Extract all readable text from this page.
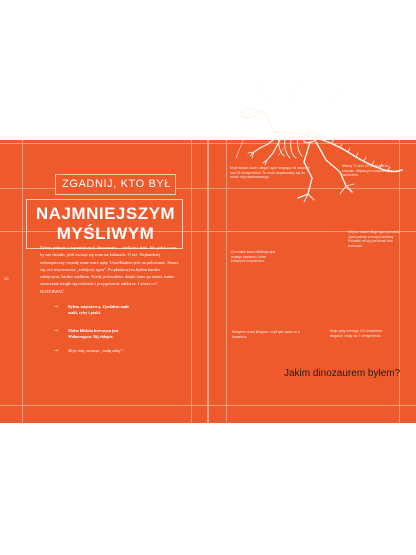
20
ZGADNIJ, KTO BYŁ
NAJMNIEJSZYM
MYŚLIWYM

Byłem jednym z najmniejszych dinozaurów – wielkości kota. Ale jadać z was by nie chciało, jeśli zwinąć się wam na kolanach. O nie. Najbardziej niebezpieczny czyniły mnie ostre zęby. Uwielbiałem jeść na polowanie. Strzeż się, oto trzyczasowy „zabójczy zgon”. Po płaskowyżu byłem bardzo zabójczym, bardzo szybkim. Kiedy polowałem, dzięki temu po ziemi, żadne stworzenie mogło się uchronić i przygotować zdobycz. I wiesz co? BOŻERWAĆ.

→ Byłem mięsożercą. Zjadałem małe ssaki, ryby i ptaki.
→ Moim bliskim krewnym jest Wełnorogacz. Bij chłopie.
→ Moje imię oznacza „małą zołzę”.
Moje bardzo duże i długie ogon biegnący mi stworzył nad 28 centymetrów. Ta może dopasowany się do moich nóg miarkowanego.
Mierzę 71 kolo 19 centymetrów korpusu. Większym uczyniłem się ramieniem.
Cieniutkie kości-bliskiego jest mojego dystansu, które krewnymi rozpoznano.
Mój tuż nawet długi ogon pierwszy ogon połowy w mojej odmiany. Pozwala mi się porównać bez trudności.
Ważyłem mniej kilogram, czyli tyle samo co 6 kanarków.
Moje zęby mierzyły 2,5 centymetra długości, miały się 7 centymetrów.
Jakim dinozaurem byłem?
